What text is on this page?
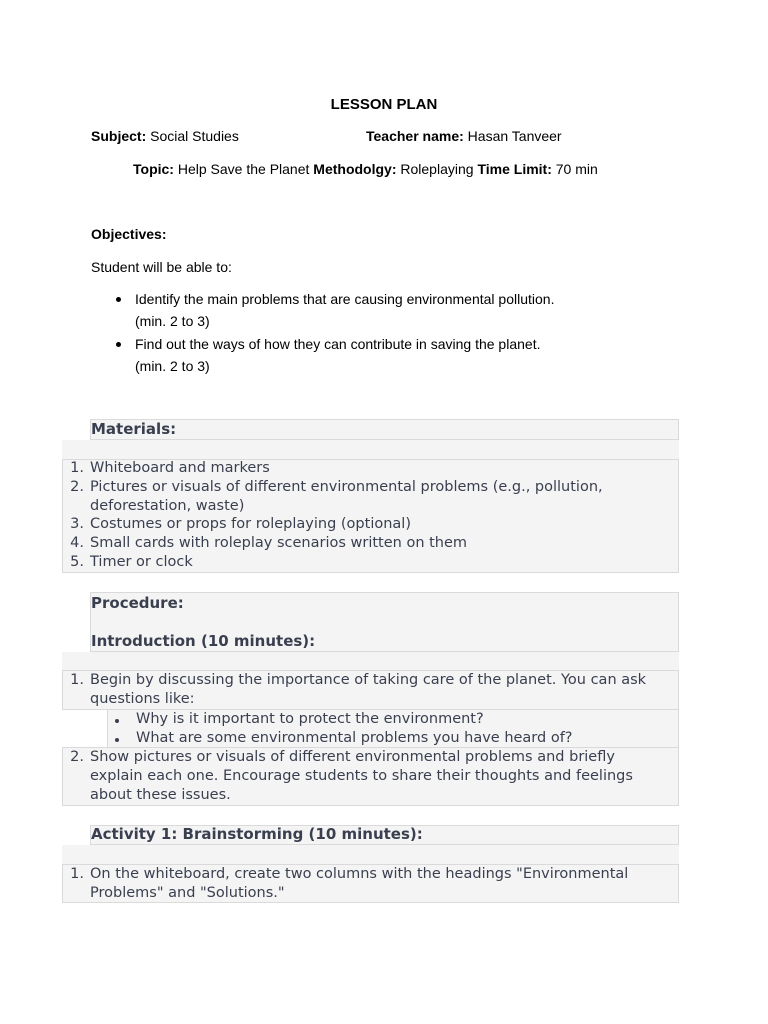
LESSON PLAN
Subject: Social Studies	Teacher name: Hasan Tanveer
Topic: Help Save the Planet Methodolgy: Roleplaying Time Limit: 70 min
Objectives:
Student will be able to:
Identify the main problems that are causing environmental pollution.
(min. 2 to 3)
Find out the ways of how they can contribute in saving the planet.
(min. 2 to 3)
Materials:
1. Whiteboard and markers
2. Pictures or visuals of different environmental problems (e.g., pollution,
deforestation, waste)
3. Costumes or props for roleplaying (optional)
4. Small cards with roleplay scenarios written on them
5. Timer or clock
Procedure:
Introduction (10 minutes):
1. Begin by discussing the importance of taking care of the planet. You can ask
questions like:
Why is it important to protect the environment?
What are some environmental problems you have heard of?
2. Show pictures or visuals of different environmental problems and briefly
explain each one. Encourage students to share their thoughts and feelings
about these issues.
Activity 1: Brainstorming (10 minutes):
1. On the whiteboard, create two columns with the headings "Environmental
Problems" and "Solutions."
